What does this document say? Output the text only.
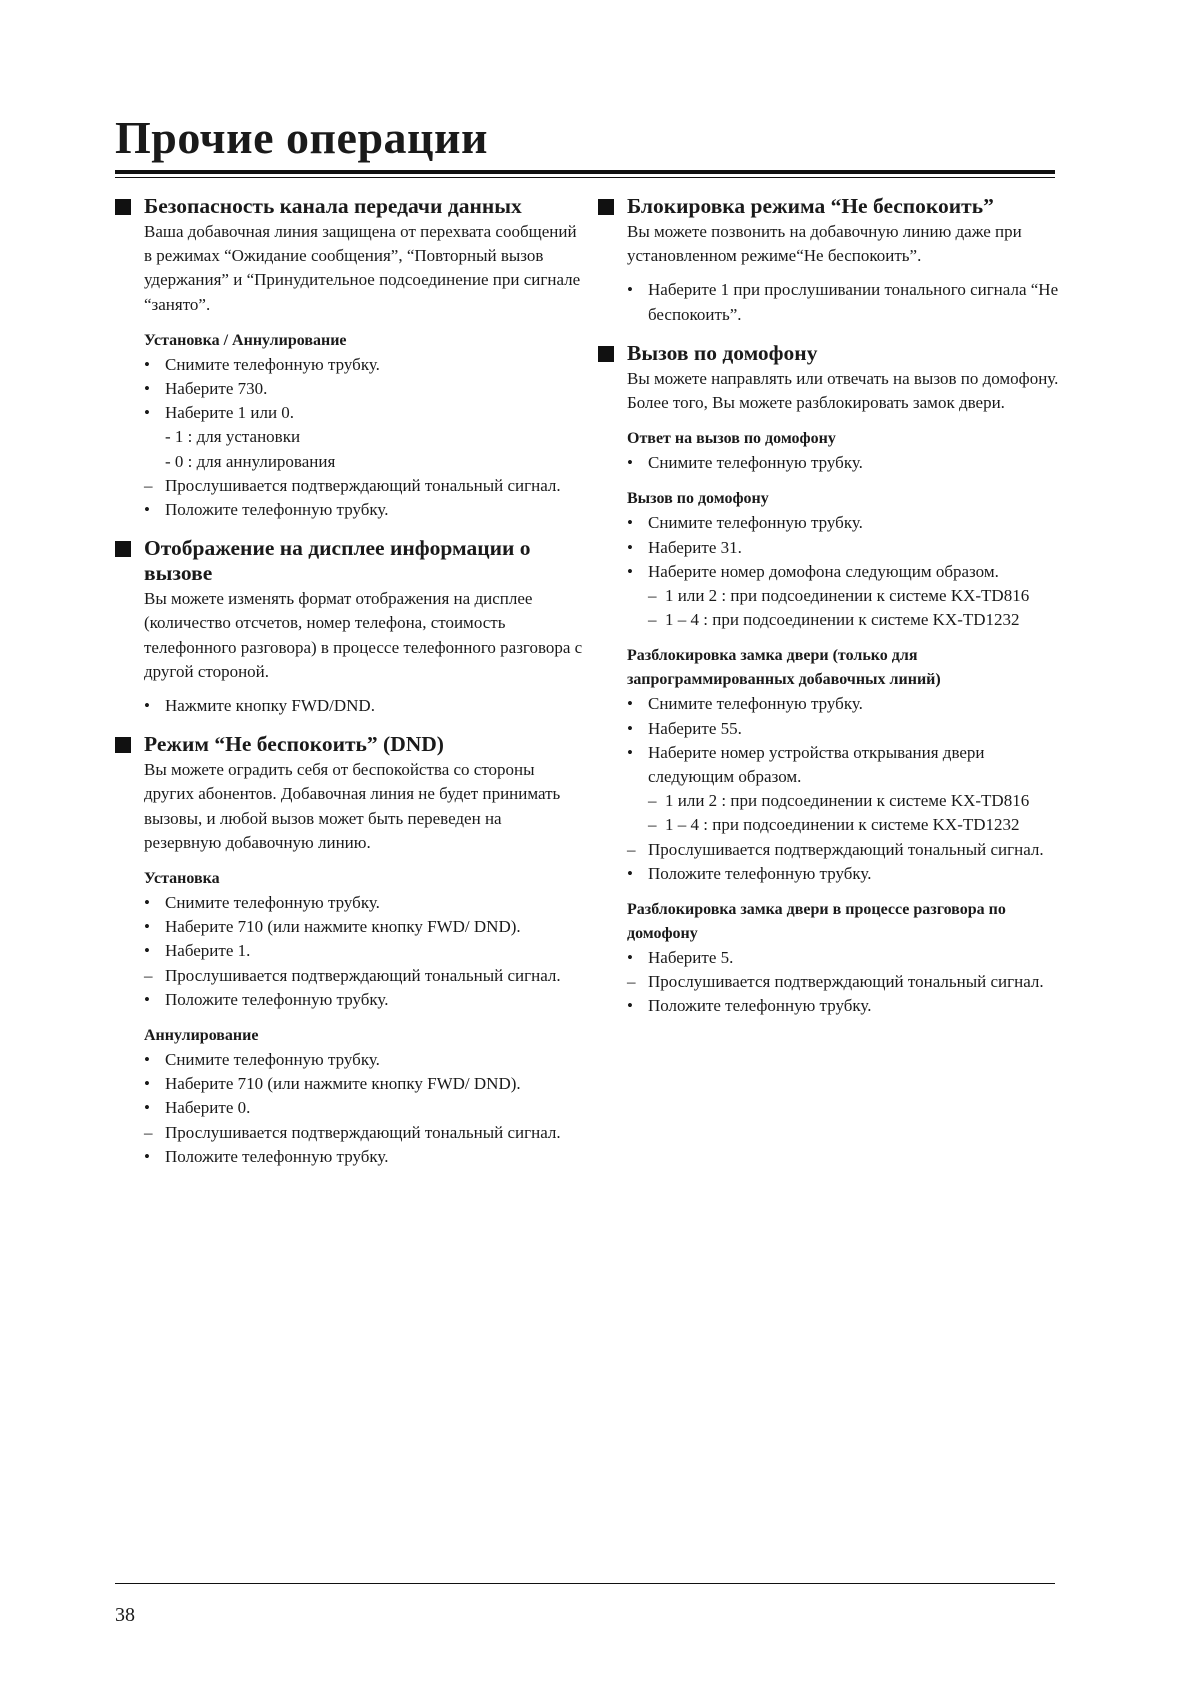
Прочие операции
Безопасность канала передачи данных
Ваша добавочная линия защищена от перехвата сообщений в режимах “Ожидание сообщения”, “Повторный вызов удержания” и “Принудительное подсоединение при сигнале “занято”.
Установка / Аннулирование
• Снимите телефонную трубку.
• Наберите 730.
• Наберите 1 или 0.
- 1 : для установки
- 0 : для аннулирования
– Прослушивается подтверждающий тональный сигнал.
• Положите телефонную трубку.
Отображение на дисплее информации о вызове
Вы можете изменять формат отображения на дисплее (количество отсчетов, номер телефона, стоимость телефонного разговора) в процессе телефонного разговора с другой стороной.
• Нажмите кнопку FWD/DND.
Режим “Не беспокоить” (DND)
Вы можете оградить себя от беспокойства со стороны других абонентов. Добавочная линия не будет принимать вызовы, и любой вызов может быть переведен на резервную добавочную линию.
Установка
• Снимите телефонную трубку.
• Наберите 710 (или нажмите кнопку FWD/ DND).
• Наберите 1.
– Прослушивается подтверждающий тональный сигнал.
• Положите телефонную трубку.
Аннулирование
• Снимите телефонную трубку.
• Наберите 710 (или нажмите кнопку FWD/ DND).
• Наберите 0.
– Прослушивается подтверждающий тональный сигнал.
• Положите телефонную трубку.
Блокировка режима “Не беспокоить”
Вы можете позвонить на добавочную линию даже при установленном режиме“Не беспокоить”.
• Наберите 1 при прослушивании тонального сигнала “Не беспокоить”.
Вызов по домофону
Вы можете направлять или отвечать на вызов по домофону. Более того, Вы можете разблокировать замок двери.
Ответ на вызов по домофону
• Снимите телефонную трубку.
Вызов по домофону
• Снимите телефонную трубку.
• Наберите 31.
• Наберите номер домофона следующим образом.
– 1 или 2 : при подсоединении к системе KX-TD816
– 1 – 4 : при подсоединении к системе KX-TD1232
Разблокировка замка двери (только для запрограммированных добавочных линий)
• Снимите телефонную трубку.
• Наберите 55.
• Наберите номер устройства открывания двери следующим образом.
– 1 или 2 : при подсоединении к системе KX-TD816
– 1 – 4 : при подсоединении к системе KX-TD1232
– Прослушивается подтверждающий тональный сигнал.
• Положите телефонную трубку.
Разблокировка замка двери в процессе разговора по домофону
• Наберите 5.
– Прослушивается подтверждающий тональный сигнал.
• Положите телефонную трубку.
38
